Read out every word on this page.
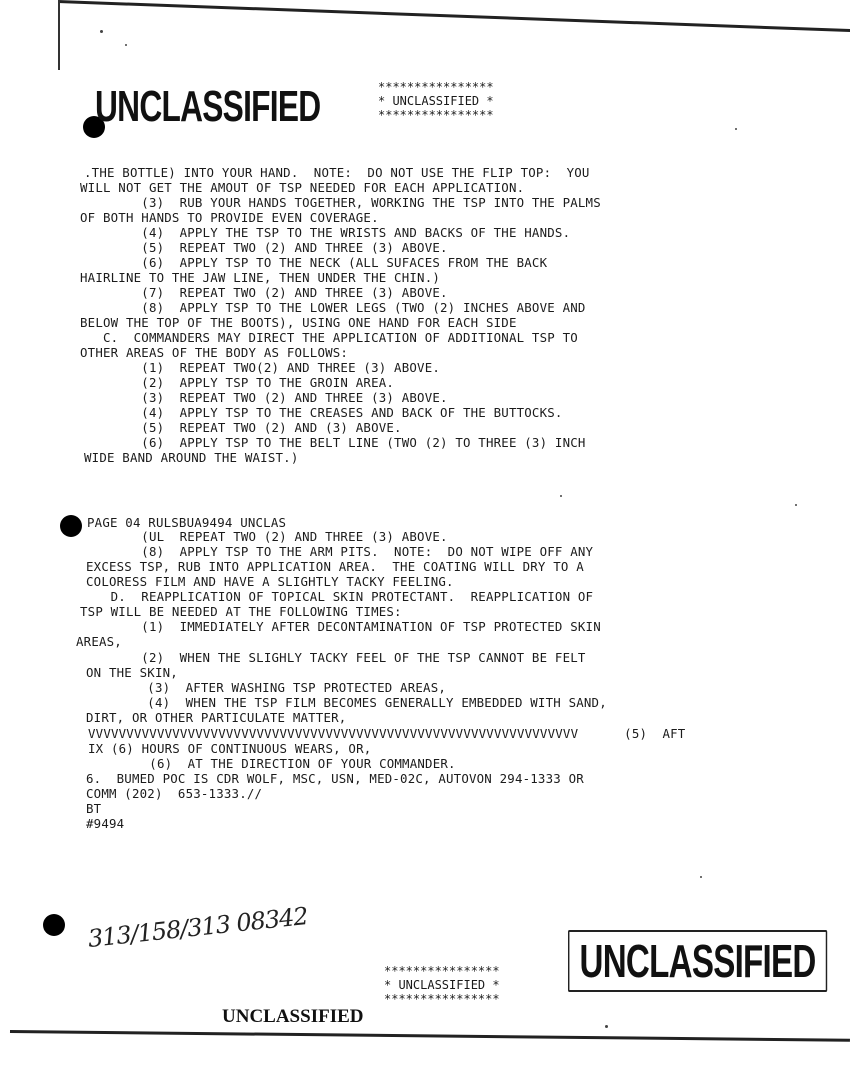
UNCLASSIFIED	****************
* UNCLASSIFIED *
****************
.THE BOTTLE) INTO YOUR HAND.  NOTE:  DO NOT USE THE FLIP TOP:  YOU
WILL NOT GET THE AMOUT OF TSP NEEDED FOR EACH APPLICATION.
(3)  RUB YOUR HANDS TOGETHER, WORKING THE TSP INTO THE PALMS
OF BOTH HANDS TO PROVIDE EVEN COVERAGE.
(4)  APPLY THE TSP TO THE WRISTS AND BACKS OF THE HANDS.
(5)  REPEAT TWO (2) AND THREE (3) ABOVE.
(6)  APPLY TSP TO THE NECK (ALL SUFACES FROM THE BACK
HAIRLINE TO THE JAW LINE, THEN UNDER THE CHIN.)
(7)  REPEAT TWO (2) AND THREE (3) ABOVE.
(8)  APPLY TSP TO THE LOWER LEGS (TWO (2) INCHES ABOVE AND
BELOW THE TOP OF THE BOOTS), USING ONE HAND FOR EACH SIDE
C.  COMMANDERS MAY DIRECT THE APPLICATION OF ADDITIONAL TSP TO
OTHER AREAS OF THE BODY AS FOLLOWS:
(1)  REPEAT TWO(2) AND THREE (3) ABOVE.
(2)  APPLY TSP TO THE GROIN AREA.
(3)  REPEAT TWO (2) AND THREE (3) ABOVE.
(4)  APPLY TSP TO THE CREASES AND BACK OF THE BUTTOCKS.
(5)  REPEAT TWO (2) AND (3) ABOVE.
(6)  APPLY TSP TO THE BELT LINE (TWO (2) TO THREE (3) INCH
WIDE BAND AROUND THE WAIST.)
PAGE 04 RULSBUA9494 UNCLAS
(UL  REPEAT TWO (2) AND THREE (3) ABOVE.
(8)  APPLY TSP TO THE ARM PITS.  NOTE:  DO NOT WIPE OFF ANY
EXCESS TSP, RUB INTO APPLICATION AREA.  THE COATING WILL DRY TO A
COLORESS FILM AND HAVE A SLIGHTLY TACKY FEELING.
D.  REAPPLICATION OF TOPICAL SKIN PROTECTANT.  REAPPLICATION OF
TSP WILL BE NEEDED AT THE FOLLOWING TIMES:
(1)  IMMEDIATELY AFTER DECONTAMINATION OF TSP PROTECTED SKIN
AREAS,
(2)  WHEN THE SLIGHLY TACKY FEEL OF THE TSP CANNOT BE FELT
ON THE SKIN,
(3)  AFTER WASHING TSP PROTECTED AREAS,
(4)  WHEN THE TSP FILM BECOMES GENERALLY EMBEDDED WITH SAND,
DIRT, OR OTHER PARTICULATE MATTER,
VVVVVVVVVVVVVVVVVVVVVVVVVVVVVVVVVVVVVVVVVVVVVVVVVVVVVVVVVVVVVVVV      (5)  AFT
IX (6) HOURS OF CONTINUOUS WEARS, OR,
(6)  AT THE DIRECTION OF YOUR COMMANDER.
6.  BUMED POC IS CDR WOLF, MSC, USN, MED-02C, AUTOVON 294-1333 OR
COMM (202)  653-1333.//
BT
#9494
313/158/313 08342
****************
* UNCLASSIFIED *
****************
UNCLASSIFIED
UNCLASSIFIED
